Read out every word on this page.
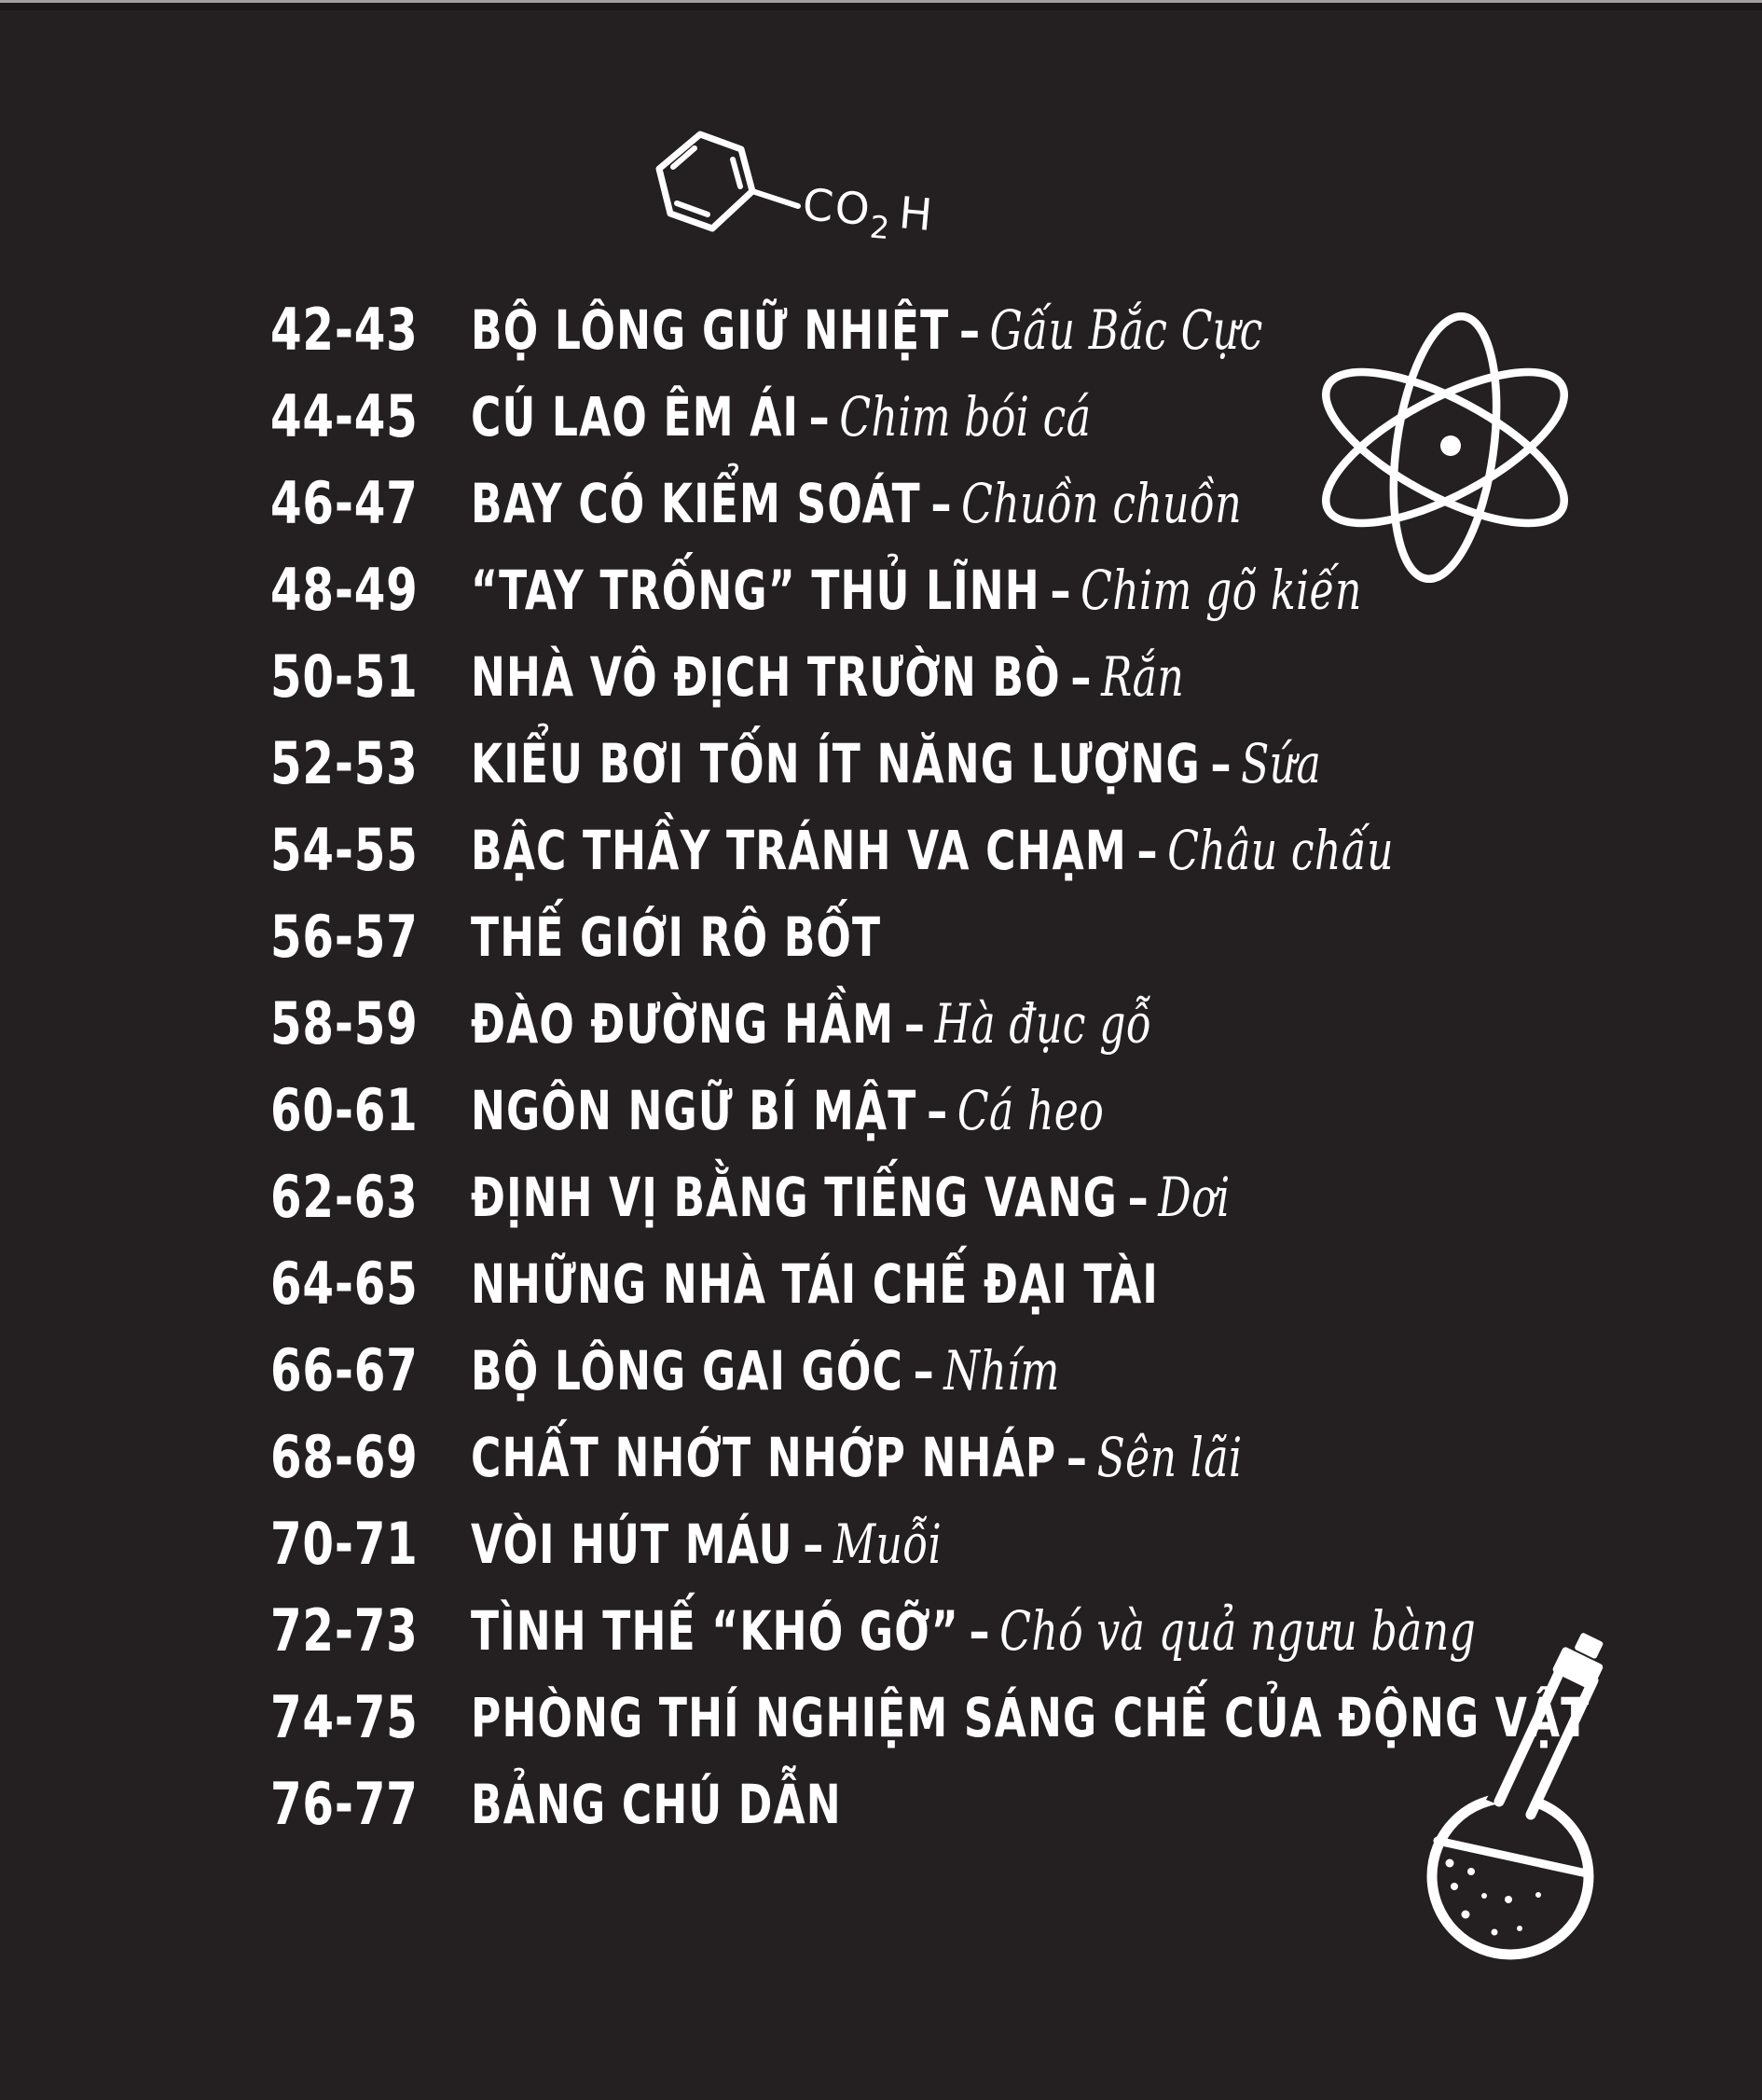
$CO_2H$
42-43 BỘ LÔNG GIỮ NHIỆT – Gấu Bắc Cực
44-45 CÚ LAO ÊM ÁI – Chim bói cá
46-47 BAY CÓ KIỂM SOÁT – Chuồn chuồn
48-49 “TAY TRỐNG” THỦ LĨNH – Chim gõ kiến
50-51 NHÀ VÔ ĐỊCH TRƯỜN BÒ – Rắn
52-53 KIỂU BƠI TỐN ÍT NĂNG LƯỢNG – Sứa
54-55 BẬC THẦY TRÁNH VA CHẠM – Châu chấu
56-57 THẾ GIỚI RÔ BỐT
58-59 ĐÀO ĐƯỜNG HẦM – Hà đục gỗ
60-61 NGÔN NGỮ BÍ MẬT – Cá heo
62-63 ĐỊNH VỊ BẰNG TIẾNG VANG – Dơi
64-65 NHỮNG NHÀ TÁI CHẾ ĐẠI TÀI
66-67 BỘ LÔNG GAI GÓC – Nhím
68-69 CHẤT NHỚT NHỚP NHÁP – Sên lãi
70-71 VÒI HÚT MÁU – Muỗi
72-73 TÌNH THẾ “KHÓ GỠ” – Chó và quả ngưu bàng
74-75 PHÒNG THÍ NGHIỆM SÁNG CHẾ CỦA ĐỘNG VẬT
76-77 BẢNG CHÚ DẪN
